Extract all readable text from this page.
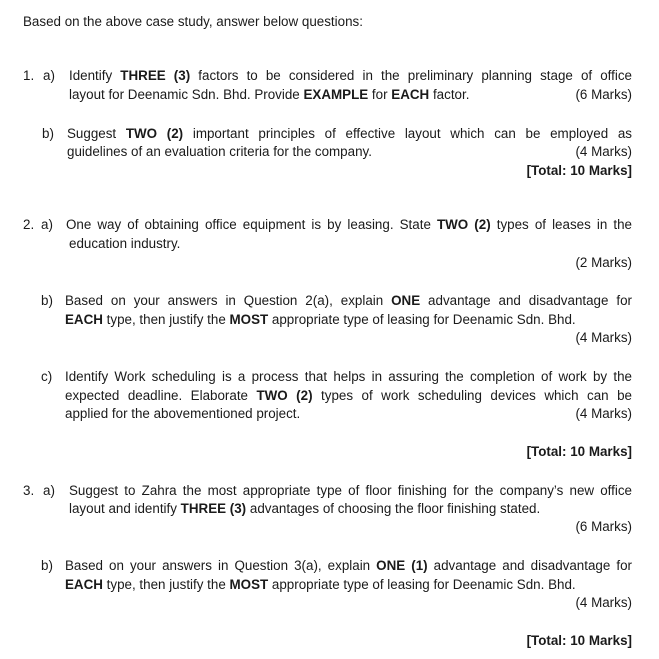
Based on the above case study, answer below questions:
1. a) Identify THREE (3) factors to be considered in the preliminary planning stage of office
layout for Deenamic Sdn. Bhd. Provide EXAMPLE for EACH factor.	(6 Marks)
b) Suggest TWO (2) important principles of effective layout which can be employed as
guidelines of an evaluation criteria for the company.	(4 Marks)
[Total: 10 Marks]
2. a) One way of obtaining office equipment is by leasing. State TWO (2) types of leases in the
education industry.
(2 Marks)
b) Based on your answers in Question 2(a), explain ONE advantage and disadvantage for
EACH type, then justify the MOST appropriate type of leasing for Deenamic Sdn. Bhd.
(4 Marks)
c) Identify Work scheduling is a process that helps in assuring the completion of work by the
expected deadline. Elaborate TWO (2) types of work scheduling devices which can be
applied for the abovementioned project.	(4 Marks)
[Total: 10 Marks]
3. a) Suggest to Zahra the most appropriate type of floor finishing for the company’s new office
layout and identify THREE (3) advantages of choosing the floor finishing stated.
(6 Marks)
b) Based on your answers in Question 3(a), explain ONE (1) advantage and disadvantage for
EACH type, then justify the MOST appropriate type of leasing for Deenamic Sdn. Bhd.
(4 Marks)
[Total: 10 Marks]
